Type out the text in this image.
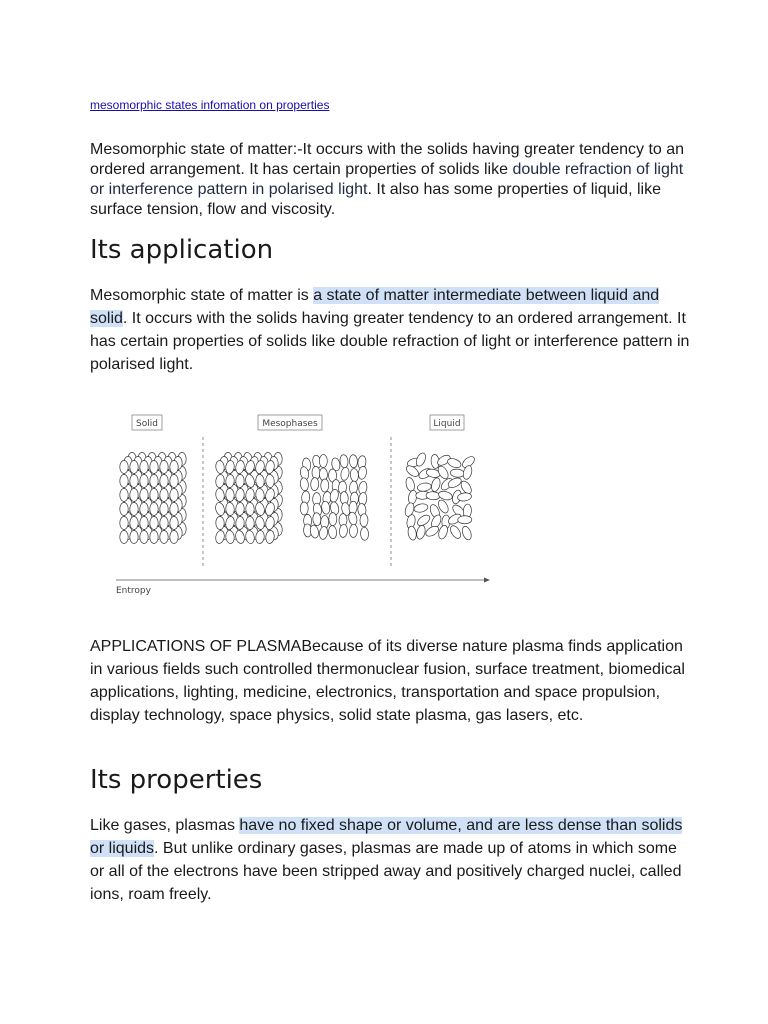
mesomorphic states infomation on properties

Mesomorphic state of matter:-It occurs with the solids having greater tendency to an ordered arrangement. It has certain properties of solids like double refraction of light or interference pattern in polarised light. It also has some properties of liquid, like surface tension, flow and viscosity.

Its application

Mesomorphic state of matter is a state of matter intermediate between liquid and solid. It occurs with the solids having greater tendency to an ordered arrangement. It has certain properties of solids like double refraction of light or interference pattern in polarised light.

APPLICATIONS OF PLASMABecause of its diverse nature plasma finds application in various fields such controlled thermonuclear fusion, surface treatment, biomedical applications, lighting, medicine, electronics, transportation and space propulsion, display technology, space physics, solid state plasma, gas lasers, etc.

Its properties

Like gases, plasmas have no fixed shape or volume, and are less dense than solids or liquids. But unlike ordinary gases, plasmas are made up of atoms in which some or all of the electrons have been stripped away and positively charged nuclei, called ions, roam freely.

Solid	Mesophases	Liquid
Entropy
